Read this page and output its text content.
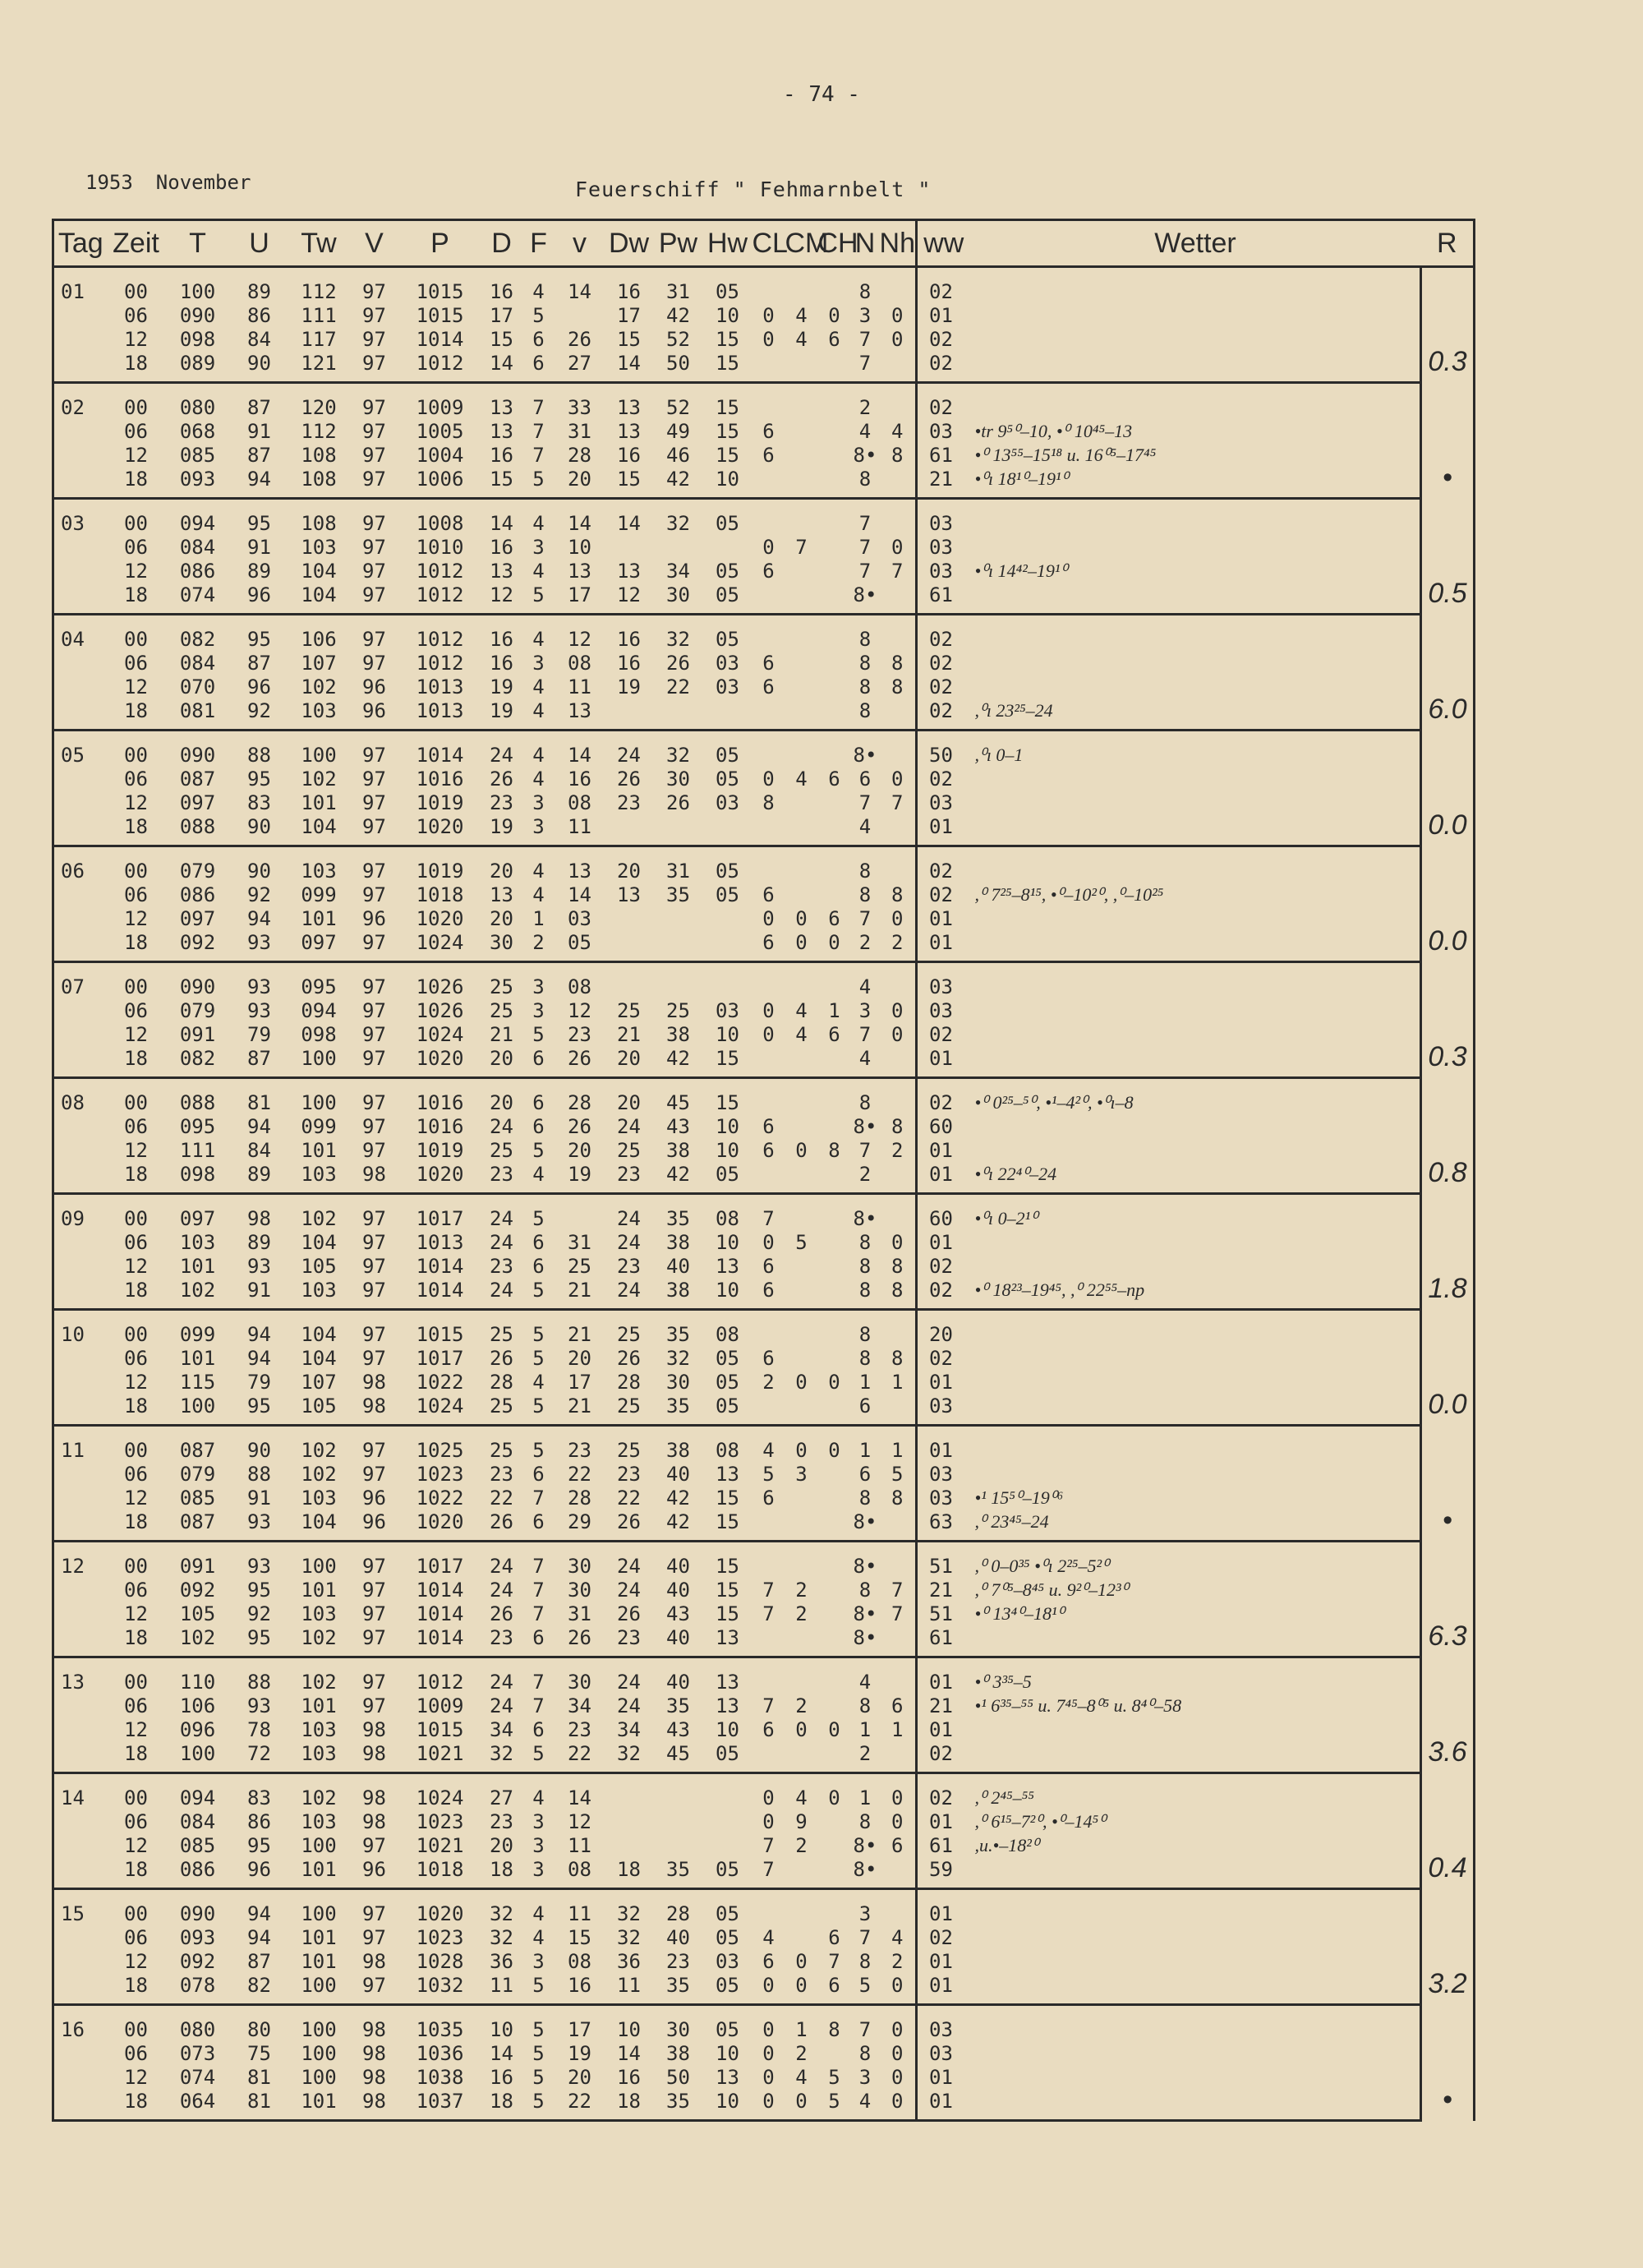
- 74 -
1953 November	Feuerschiff " Fehmarnbelt "
Tag	Zeit	T	U	Tw	V	P	D	F	v	Dw	Pw	Hw	CL	CM	CH	N	Nh	ww	Wetter	R
01	00	100	89	112	97	1015	16	4	14	16	31	05				8		02		0.3
	06	090	86	111	97	1015	17	5		17	42	10	0	4	0	3	0	01		
	12	098	84	117	97	1014	15	6	26	15	52	15	0	4	6	7	0	02		
	18	089	90	121	97	1012	14	6	27	14	50	15				7		02		
02	00	080	87	120	97	1009	13	7	33	13	52	15				2		02		•
	06	068	91	112	97	1005	13	7	31	13	49	15	6			4	4	03	•tr 9⁵⁰–10, •⁰ 10⁴⁵–13	
	12	085	87	108	97	1004	16	7	28	16	46	15	6			8•	8	61	•⁰ 13⁵⁵–15¹⁸ u. 16⁰⁵–17⁴⁵	
	18	093	94	108	97	1006	15	5	20	15	42	10				8		21	•⁰ı 18¹⁰–19¹⁰	
03	00	094	95	108	97	1008	14	4	14	14	32	05				7		03		0.5
	06	084	91	103	97	1010	16	3	10				0	7		7	0	03		
	12	086	89	104	97	1012	13	4	13	13	34	05	6			7	7	03	•⁰ı 14⁴²–19¹⁰	
	18	074	96	104	97	1012	12	5	17	12	30	05				8•		61		
04	00	082	95	106	97	1012	16	4	12	16	32	05				8		02		6.0
	06	084	87	107	97	1012	16	3	08	16	26	03	6			8	8	02		
	12	070	96	102	96	1013	19	4	11	19	22	03	6			8	8	02		
	18	081	92	103	96	1013	19	4	13							8		02	,⁰ı 23²⁵–24	
05	00	090	88	100	97	1014	24	4	14	24	32	05				8•		50	,⁰ı 0–1	0.0
	06	087	95	102	97	1016	26	4	16	26	30	05	0	4	6	6	0	02		
	12	097	83	101	97	1019	23	3	08	23	26	03	8			7	7	03		
	18	088	90	104	97	1020	19	3	11							4		01		
06	00	079	90	103	97	1019	20	4	13	20	31	05				8		02		0.0
	06	086	92	099	97	1018	13	4	14	13	35	05	6			8	8	02	,⁰ 7²⁵–8¹⁵, •⁰–10²⁰, ,⁰–10²⁵	
	12	097	94	101	96	1020	20	1	03				0	0	6	7	0	01		
	18	092	93	097	97	1024	30	2	05				6	0	0	2	2	01		
07	00	090	93	095	97	1026	25	3	08							4		03		0.3
	06	079	93	094	97	1026	25	3	12	25	25	03	0	4	1	3	0	03		
	12	091	79	098	97	1024	21	5	23	21	38	10	0	4	6	7	0	02		
	18	082	87	100	97	1020	20	6	26	20	42	15				4		01		
08	00	088	81	100	97	1016	20	6	28	20	45	15				8		02	•⁰ 0²⁵–⁵⁰, •¹–4²⁰, •⁰ı–8	0.8
	06	095	94	099	97	1016	24	6	26	24	43	10	6			8•	8	60		
	12	111	84	101	97	1019	25	5	20	25	38	10	6	0	8	7	2	01		
	18	098	89	103	98	1020	23	4	19	23	42	05				2		01	•⁰ı 22⁴⁰–24	
09	00	097	98	102	97	1017	24	5		24	35	08	7			8•		60	•⁰ı 0–2¹⁰	1.8
	06	103	89	104	97	1013	24	6	31	24	38	10	0	5		8	0	01		
	12	101	93	105	97	1014	23	6	25	23	40	13	6			8	8	02		
	18	102	91	103	97	1014	24	5	21	24	38	10	6			8	8	02	•⁰ 18²³–19⁴⁵, ,⁰ 22⁵⁵–np	
10	00	099	94	104	97	1015	25	5	21	25	35	08				8		20		0.0
	06	101	94	104	97	1017	26	5	20	26	32	05	6			8	8	02		
	12	115	79	107	98	1022	28	4	17	28	30	05	2	0	0	1	1	01		
	18	100	95	105	98	1024	25	5	21	25	35	05				6		03		
11	00	087	90	102	97	1025	25	5	23	25	38	08	4	0	0	1	1	01		•
	06	079	88	102	97	1023	23	6	22	23	40	13	5	3		6	5	03		
	12	085	91	103	96	1022	22	7	28	22	42	15	6			8	8	03	•¹ 15⁵⁰–19⁰⁶	
	18	087	93	104	96	1020	26	6	29	26	42	15				8•		63	,⁰ 23⁴⁵–24	
12	00	091	93	100	97	1017	24	7	30	24	40	15				8•		51	,⁰ 0–0³⁵ •⁰ı 2²⁵–5²⁰	6.3
	06	092	95	101	97	1014	24	7	30	24	40	15	7	2		8	7	21	,⁰ 7⁰⁵–8⁴⁵ u. 9²⁰–12³⁰	
	12	105	92	103	97	1014	26	7	31	26	43	15	7	2		8•	7	51	•⁰ 13⁴⁰–18¹⁰	
	18	102	95	102	97	1014	23	6	26	23	40	13				8•		61		
13	00	110	88	102	97	1012	24	7	30	24	40	13				4		01	•⁰ 3³⁵–5	3.6
	06	106	93	101	97	1009	24	7	34	24	35	13	7	2		8	6	21	•¹ 6³⁵–⁵⁵ u. 7⁴⁵–8⁰⁵ u. 8⁴⁰–58	
	12	096	78	103	98	1015	34	6	23	34	43	10	6	0	0	1	1	01		
	18	100	72	103	98	1021	32	5	22	32	45	05				2		02		
14	00	094	83	102	98	1024	27	4	14				0	4	0	1	0	02	,⁰ 2⁴⁵–⁵⁵	0.4
	06	084	86	103	98	1023	23	3	12				0	9		8	0	01	,⁰ 6¹⁵–7²⁰, •⁰–14⁵⁰	
	12	085	95	100	97	1021	20	3	11				7	2		8•	6	61	,u.•–18²⁰	
	18	086	96	101	96	1018	18	3	08	18	35	05	7			8•		59		
15	00	090	94	100	97	1020	32	4	11	32	28	05				3		01		3.2
	06	093	94	101	97	1023	32	4	15	32	40	05	4		6	7	4	02		
	12	092	87	101	98	1028	36	3	08	36	23	03	6	0	7	8	2	01		
	18	078	82	100	97	1032	11	5	16	11	35	05	0	0	6	5	0	01		
16	00	080	80	100	98	1035	10	5	17	10	30	05	0	1	8	7	0	03		•
	06	073	75	100	98	1036	14	5	19	14	38	10	0	2		8	0	03		
	12	074	81	100	98	1038	16	5	20	16	50	13	0	4	5	3	0	01		
	18	064	81	101	98	1037	18	5	22	18	35	10	0	0	5	4	0	01		
